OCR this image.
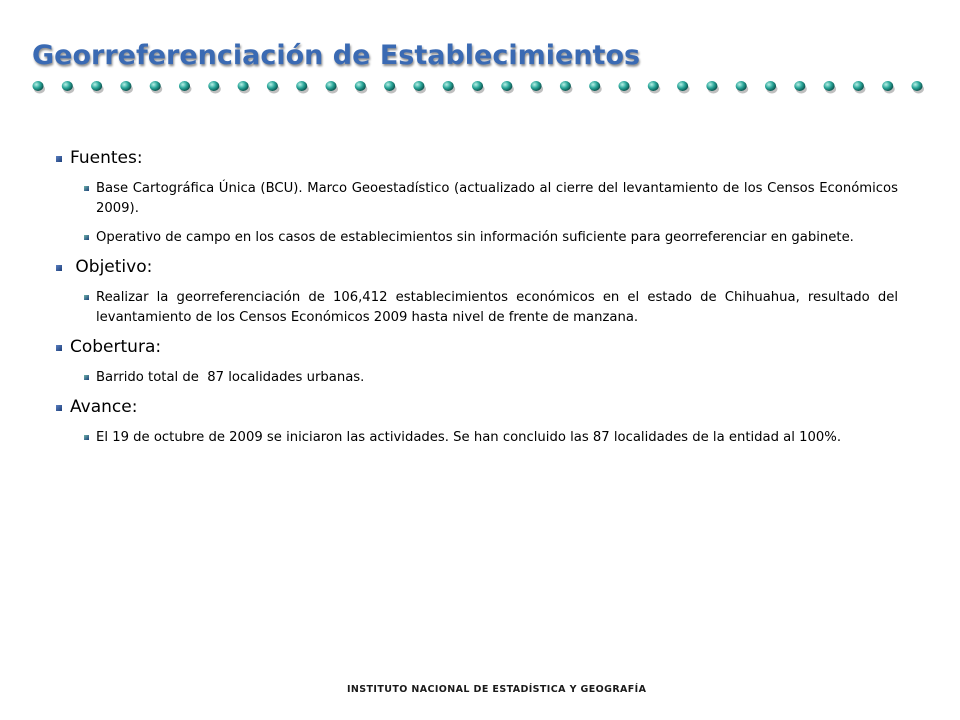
Georreferenciación de Establecimientos
Fuentes:
Base Cartográfica Única (BCU). Marco Geoestadístico (actualizado al cierre del levantamiento de los Censos Económicos 2009).
Operativo de campo en los casos de establecimientos sin información suficiente para georreferenciar en gabinete.
Objetivo:
Realizar la georreferenciación de 106,412 establecimientos económicos en el estado de Chihuahua, resultado del levantamiento de los Censos Económicos 2009 hasta nivel de frente de manzana.
Cobertura:
Barrido total de  87 localidades urbanas.
Avance:
El 19 de octubre de 2009 se iniciaron las actividades. Se han concluido las 87 localidades de la entidad al 100%.
INSTITUTO NACIONAL DE ESTADÍSTICA Y GEOGRAFÍA
